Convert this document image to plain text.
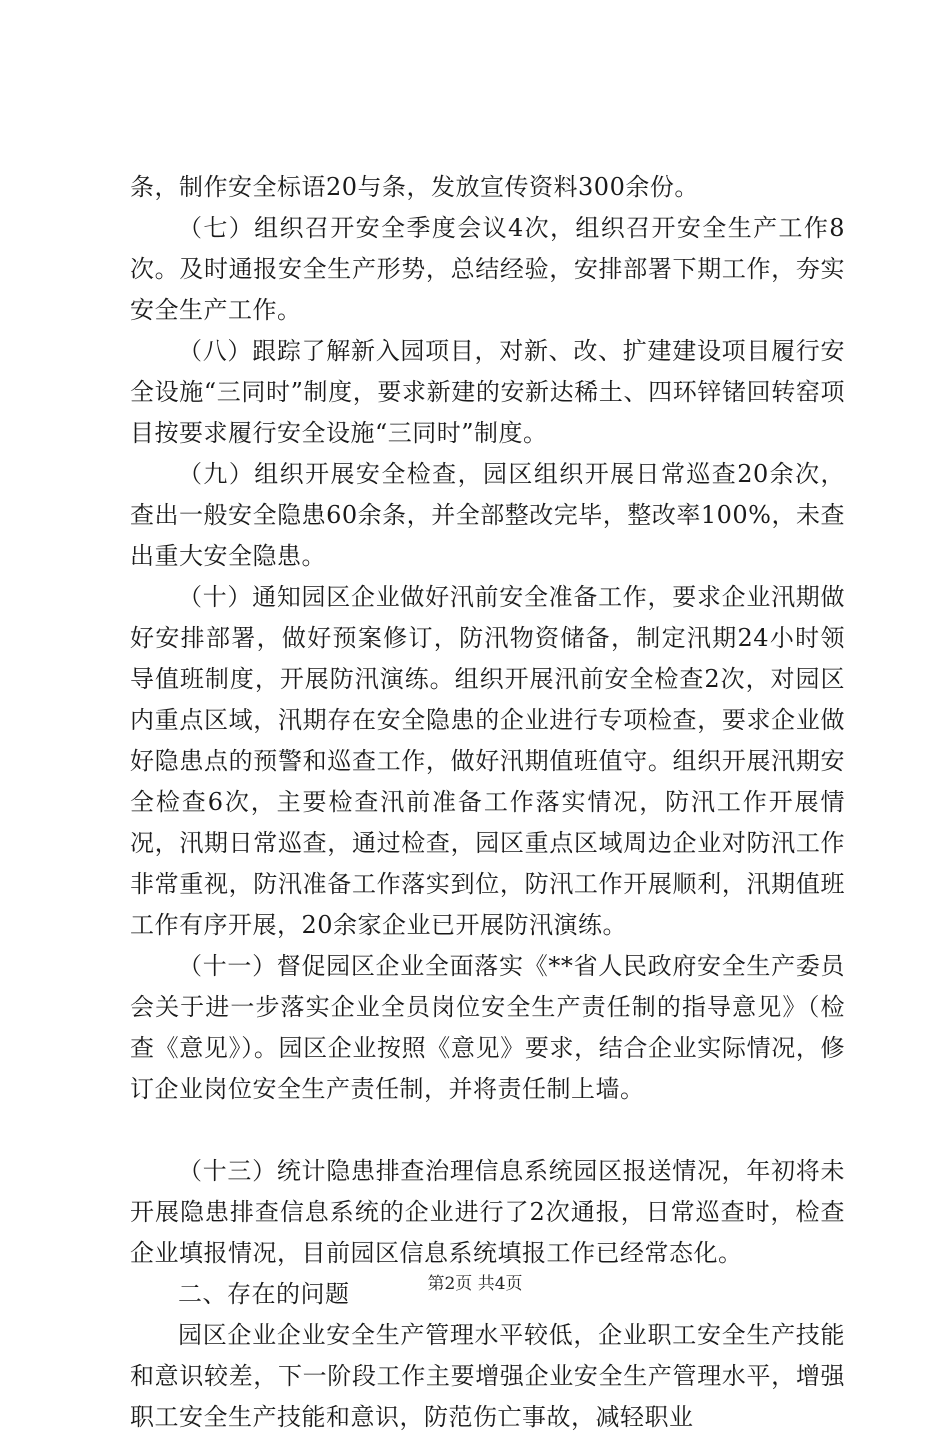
条，制作安全标语20与条，发放宣传资料300余份。

（七）组织召开安全季度会议4次，组织召开安全生产工作8次。及时通报安全生产形势，总结经验，安排部署下期工作，夯实安全生产工作。

（八）跟踪了解新入园项目，对新、改、扩建建设项目履行安全设施“三同时”制度，要求新建的安新达稀土、四环锌锗回转窑项目按要求履行安全设施“三同时”制度。

（九）组织开展安全检查，园区组织开展日常巡查20余次，查出一般安全隐患60余条，并全部整改完毕，整改率100%，未查出重大安全隐患。

（十）通知园区企业做好汛前安全准备工作，要求企业汛期做好安排部署，做好预案修订，防汛物资储备，制定汛期24小时领导值班制度，开展防汛演练。组织开展汛前安全检查2次，对园区内重点区域，汛期存在安全隐患的企业进行专项检查，要求企业做好隐患点的预警和巡查工作，做好汛期值班值守。组织开展汛期安全检查6次，主要检查汛前准备工作落实情况，防汛工作开展情况，汛期日常巡查，通过检查，园区重点区域周边企业对防汛工作非常重视，防汛准备工作落实到位，防汛工作开展顺利，汛期值班工作有序开展，20余家企业已开展防汛演练。

（十一）督促园区企业全面落实《**省人民政府安全生产委员会关于进一步落实企业全员岗位安全生产责任制的指导意见》（检查《意见》）。园区企业按照《意见》要求，结合企业实际情况，修订企业岗位安全生产责任制，并将责任制上墙。

（十三）统计隐患排查治理信息系统园区报送情况，年初将未开展隐患排查信息系统的企业进行了2次通报，日常巡查时，检查企业填报情况，目前园区信息系统填报工作已经常态化。

二、存在的问题

园区企业企业安全生产管理水平较低，企业职工安全生产技能和意识较差，下一阶段工作主要增强企业安全生产管理水平，增强职工安全生产技能和意识，防范伤亡事故，减轻职业

第2页 共4页
